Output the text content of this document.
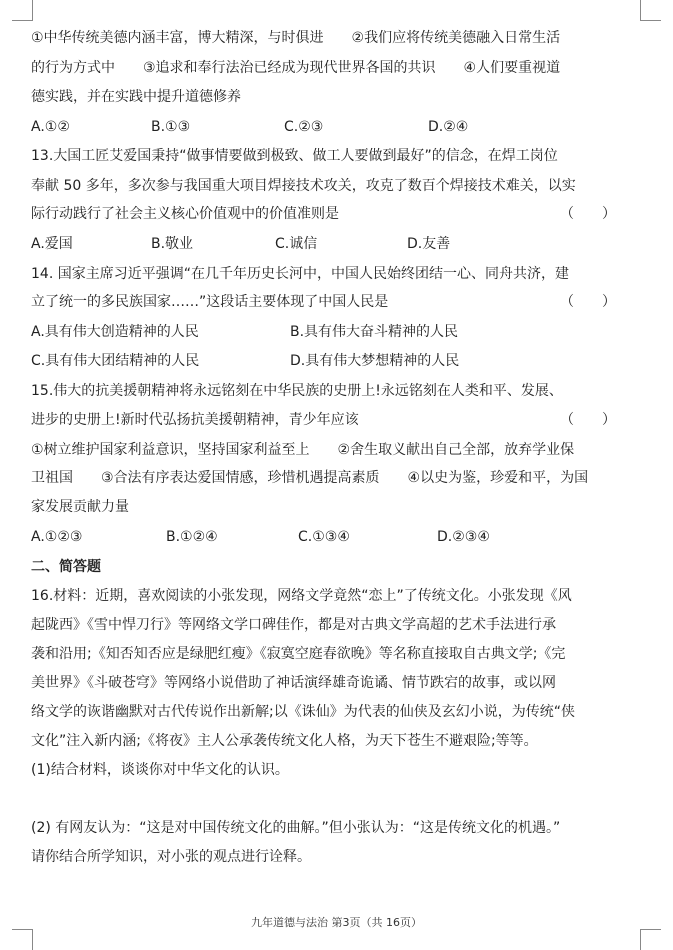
①中华传统美德内涵丰富，博大精深，与时俱进　　②我们应将传统美德融入日常生活
的行为方式中　　③追求和奉行法治已经成为现代世界各国的共识　　④人们要重视道
德实践，并在实践中提升道德修养
A.①②	B.①③	C.②③	D.②④
13.大国工匠艾爱国秉持“做事情要做到极致、做工人要做到最好”的信念，在焊工岗位
奉献 50 多年，多次参与我国重大项目焊接技术攻关，攻克了数百个焊接技术难关，以实
际行动践行了社会主义核心价值观中的价值准则是	（　　）
A.爱国	B.敬业	C.诚信	D.友善
14. 国家主席习近平强调“在几千年历史长河中，中国人民始终团结一心、同舟共济，建
立了统一的多民族国家……”这段话主要体现了中国人民是	（　　）
A.具有伟大创造精神的人民	B.具有伟大奋斗精神的人民
C.具有伟大团结精神的人民	D.具有伟大梦想精神的人民
15.伟大的抗美援朝精神将永远铭刻在中华民族的史册上!永远铭刻在人类和平、发展、
进步的史册上!新时代弘扬抗美援朝精神，青少年应该	（　　）
①树立维护国家利益意识，坚持国家利益至上　　②舍生取义献出自己全部，放弃学业保
卫祖国　　③合法有序表达爱国情感，珍惜机遇提高素质　　④以史为鉴，珍爱和平，为国
家发展贡献力量
A.①②③	B.①②④	C.①③④	D.②③④
二、简答题
16.材料：近期，喜欢阅读的小张发现，网络文学竟然“恋上”了传统文化。小张发现《风
起陇西》《雪中悍刀行》等网络文学口碑佳作，都是对古典文学高超的艺术手法进行承
袭和沿用;《知否知否应是绿肥红瘦》《寂寞空庭春欲晚》等名称直接取自古典文学;《完
美世界》《斗破苍穹》等网络小说借助了神话演绎雄奇诡谲、情节跌宕的故事，或以网
络文学的诙谐幽默对古代传说作出新解;以《诛仙》为代表的仙侠及玄幻小说，为传统“侠
文化”注入新内涵;《将夜》主人公承袭传统文化人格，为天下苍生不避艰险;等等。
(1)结合材料，谈谈你对中华文化的认识。
(2) 有网友认为：“这是对中国传统文化的曲解。”但小张认为：“这是传统文化的机遇。”
请你结合所学知识，对小张的观点进行诠释。
九年道德与法治 第3页（共 16页）
